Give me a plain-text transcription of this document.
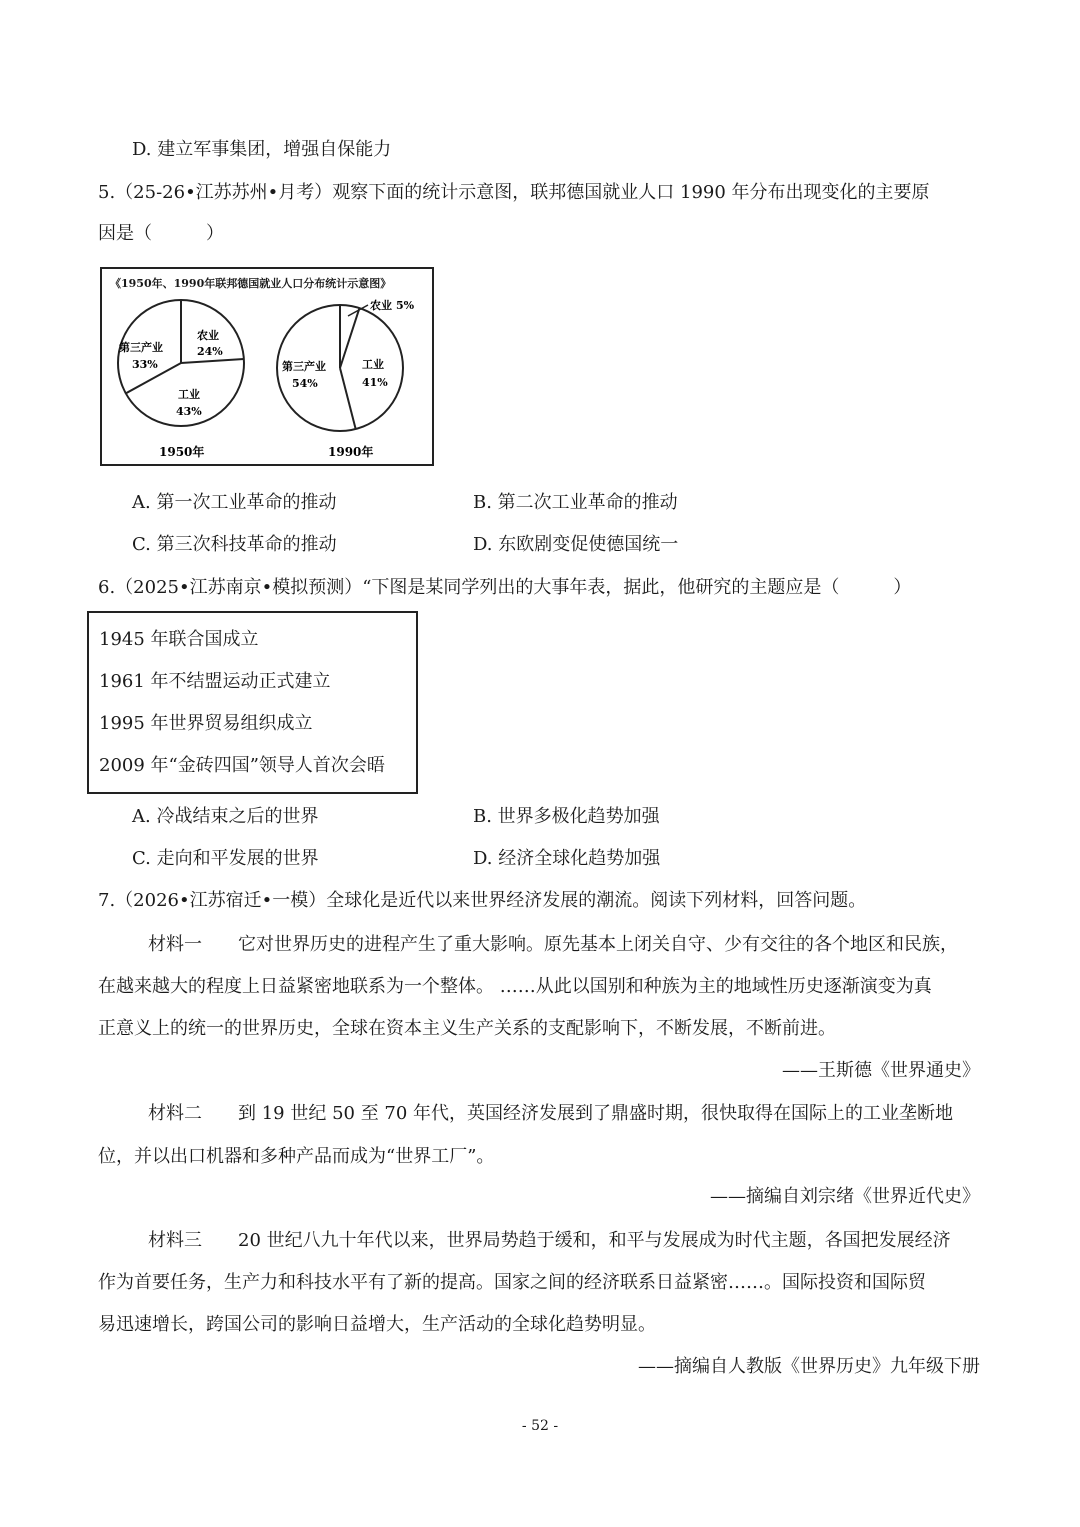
D. 建立军事集团，增强自保能力
5.（25-26•江苏苏州•月考）观察下面的统计示意图，联邦德国就业人口 1990 年分布出现变化的主要原
因是（　　　）
《1950年、1990年联邦德国就业人口分布统计示意图》
农业
24%
第三产业
33%
工业
43%
1950年
农业 5%
第三产业
54%
工业
41%
1990年
A. 第一次工业革命的推动	B. 第二次工业革命的推动
C. 第三次科技革命的推动	D. 东欧剧变促使德国统一
6.（2025•江苏南京•模拟预测）“下图是某同学列出的大事年表，据此，他研究的主题应是（　　　）
1945 年联合国成立
1961 年不结盟运动正式建立
1995 年世界贸易组织成立
2009 年“金砖四国”领导人首次会晤
A. 冷战结束之后的世界	B. 世界多极化趋势加强
C. 走向和平发展的世界	D. 经济全球化趋势加强
7.（2026•江苏宿迁•一模）全球化是近代以来世界经济发展的潮流。阅读下列材料，回答问题。
材料一　　它对世界历史的进程产生了重大影响。原先基本上闭关自守、少有交往的各个地区和民族，
在越来越大的程度上日益紧密地联系为一个整体。 ……从此以国别和种族为主的地域性历史逐渐演变为真
正意义上的统一的世界历史，全球在资本主义生产关系的支配影响下，不断发展，不断前进。
——王斯德《世界通史》
材料二　　到 19 世纪 50 至 70 年代，英国经济发展到了鼎盛时期，很快取得在国际上的工业垄断地
位，并以出口机器和多种产品而成为“世界工厂”。
——摘编自刘宗绪《世界近代史》
材料三　　20 世纪八九十年代以来，世界局势趋于缓和，和平与发展成为时代主题，各国把发展经济
作为首要任务，生产力和科技水平有了新的提高。国家之间的经济联系日益紧密……。国际投资和国际贸
易迅速增长，跨国公司的影响日益增大，生产活动的全球化趋势明显。
——摘编自人教版《世界历史》九年级下册
- 52 -
